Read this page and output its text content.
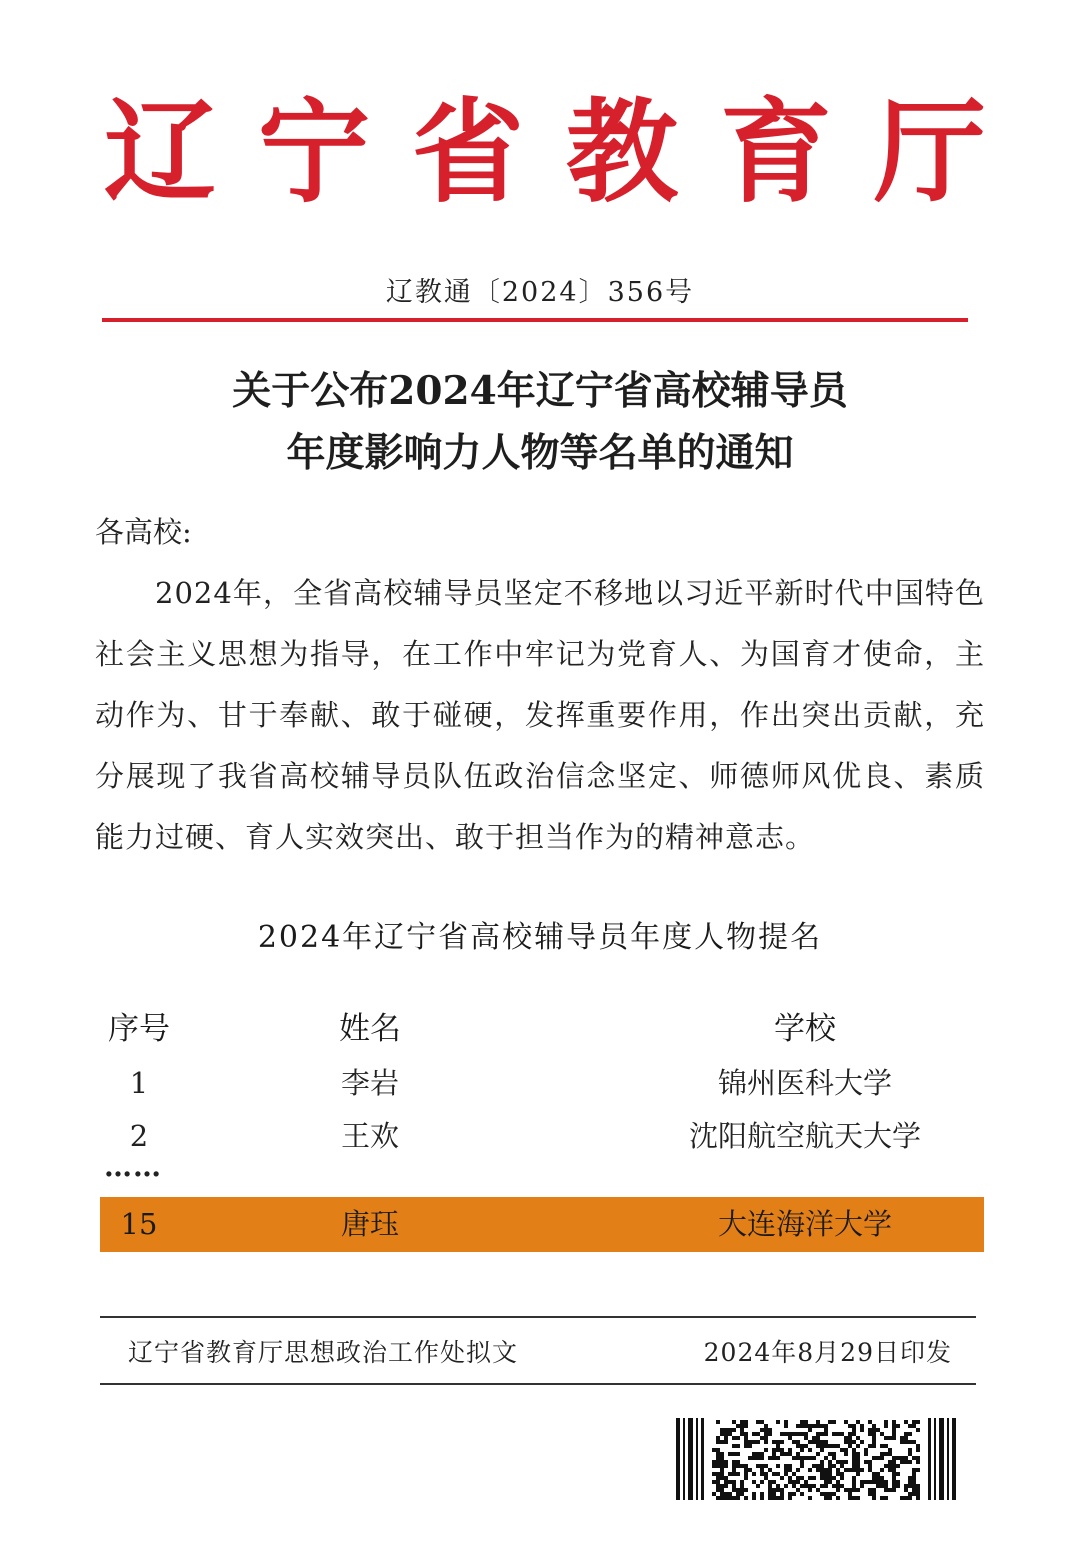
辽 宁 省 教 育 厅
辽教通〔2024〕356号
关于公布2024年辽宁省高校辅导员
年度影响力人物等名单的通知
各高校:
2024年，全省高校辅导员坚定不移地以习近平新时代中国特色社会主义思想为指导，在工作中牢记为党育人、为国育才使命，主动作为、甘于奉献、敢于碰硬，发挥重要作用，作出突出贡献，充分展现了我省高校辅导员队伍政治信念坚定、师德师风优良、素质能力过硬、育人实效突出、敢于担当作为的精神意志。
2024年辽宁省高校辅导员年度人物提名
序号	姓名	学校
1	李岩	锦州医科大学
2	王欢	沈阳航空航天大学
……
15	唐珏	大连海洋大学
辽宁省教育厅思想政治工作处拟文	2024年8月29日印发
